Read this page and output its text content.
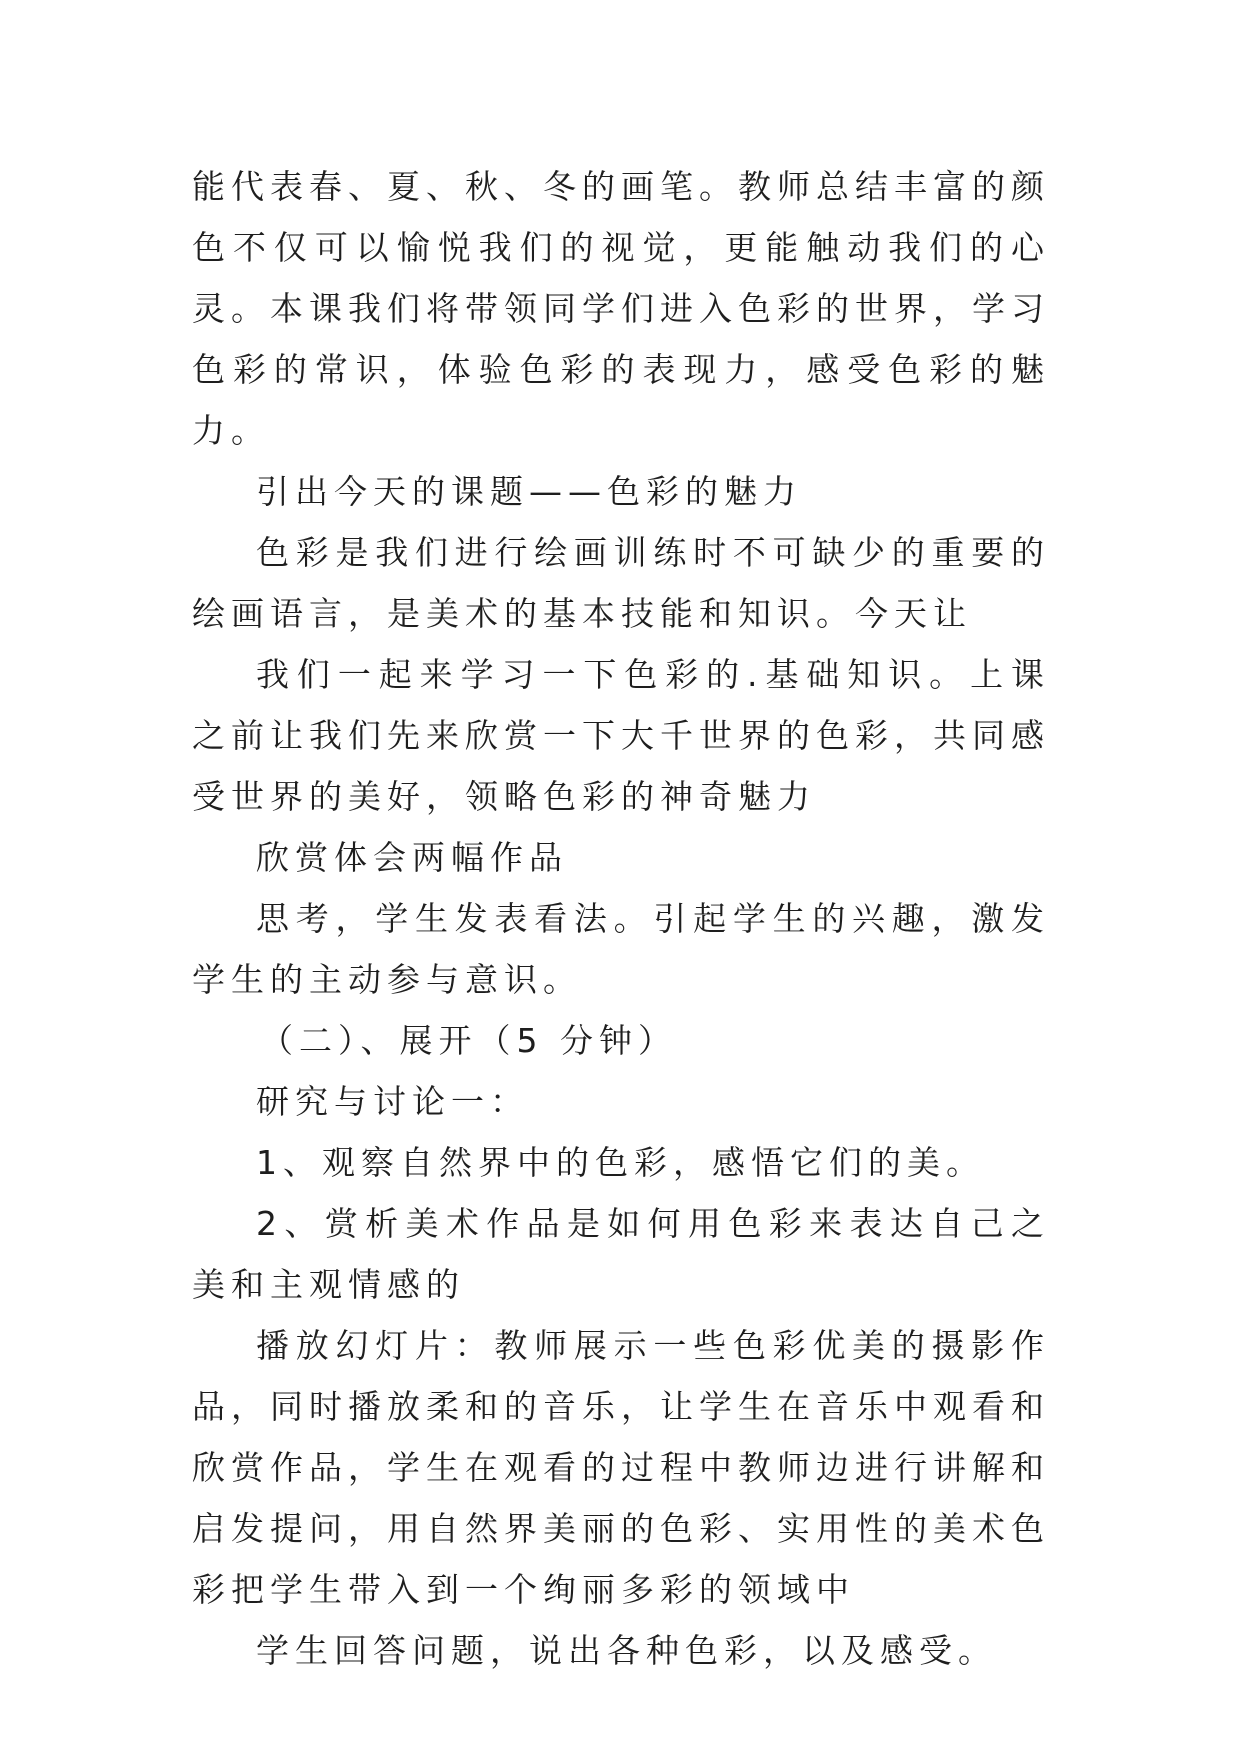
能代表春、夏、秋、冬的画笔。教师总结丰富的颜色不仅可以愉悦我们的视觉，更能触动我们的心灵。本课我们将带领同学们进入色彩的世界，学习色彩的常识，体验色彩的表现力，感受色彩的魅力。

引出今天的课题——色彩的魅力

色彩是我们进行绘画训练时不可缺少的重要的绘画语言，是美术的基本技能和知识。今天让

我们一起来学习一下色彩的.基础知识。上课之前让我们先来欣赏一下大千世界的色彩，共同感受世界的美好，领略色彩的神奇魅力

欣赏体会两幅作品

思考，学生发表看法。引起学生的兴趣，激发学生的主动参与意识。

（二）、展开（5 分钟）

研究与讨论一：

1、观察自然界中的色彩，感悟它们的美。

2、赏析美术作品是如何用色彩来表达自己之美和主观情感的

播放幻灯片：教师展示一些色彩优美的摄影作品，同时播放柔和的音乐，让学生在音乐中观看和欣赏作品，学生在观看的过程中教师边进行讲解和启发提问，用自然界美丽的色彩、实用性的美术色彩把学生带入到一个绚丽多彩的领域中

学生回答问题，说出各种色彩，以及感受。
